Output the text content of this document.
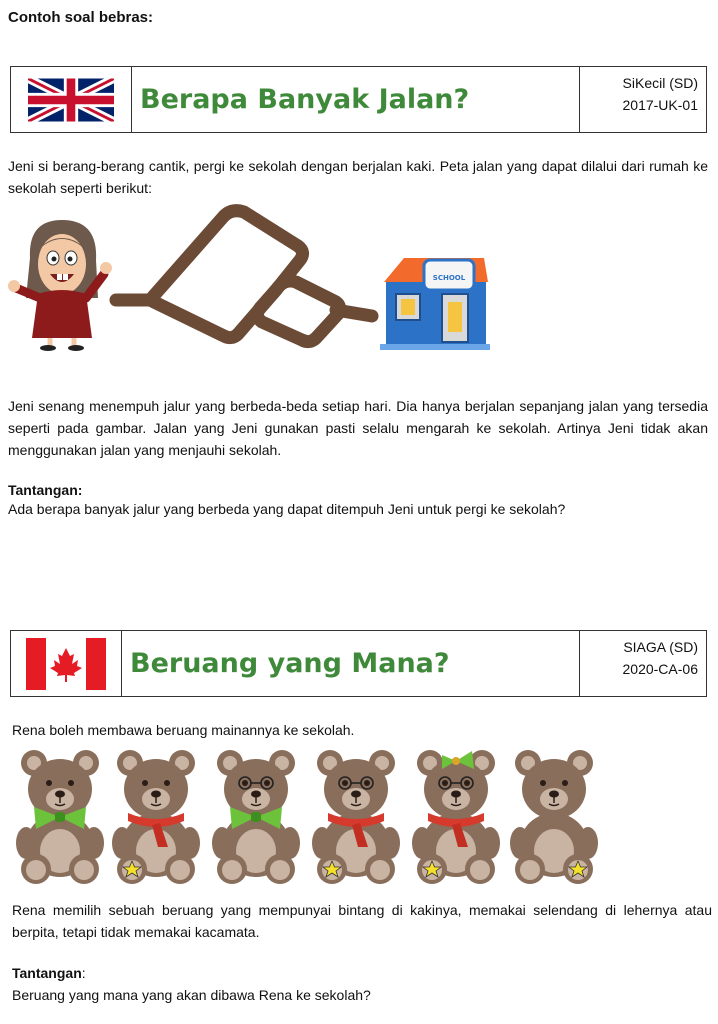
Contoh soal bebras:
Berapa Banyak Jalan?
SiKecil (SD)
2017-UK-01
Jeni si berang-berang cantik, pergi ke sekolah dengan berjalan kaki. Peta jalan yang dapat dilalui dari rumah ke sekolah seperti berikut:
SCHOOL
Jeni senang menempuh jalur yang berbeda-beda setiap hari. Dia hanya berjalan sepanjang jalan yang tersedia seperti pada gambar. Jalan yang Jeni gunakan pasti selalu mengarah ke sekolah. Artinya Jeni tidak akan menggunakan jalan yang menjauhi sekolah.
Tantangan:
Ada berapa banyak jalur yang berbeda yang dapat ditempuh Jeni untuk pergi ke sekolah?
Beruang yang Mana?
SIAGA (SD)
2020-CA-06
Rena boleh membawa beruang mainannya ke sekolah.
Rena memilih sebuah beruang yang mempunyai bintang di kakinya, memakai selendang di lehernya atau berpita, tetapi tidak memakai kacamata.
Tantangan:
Beruang yang mana yang akan dibawa Rena ke sekolah?
